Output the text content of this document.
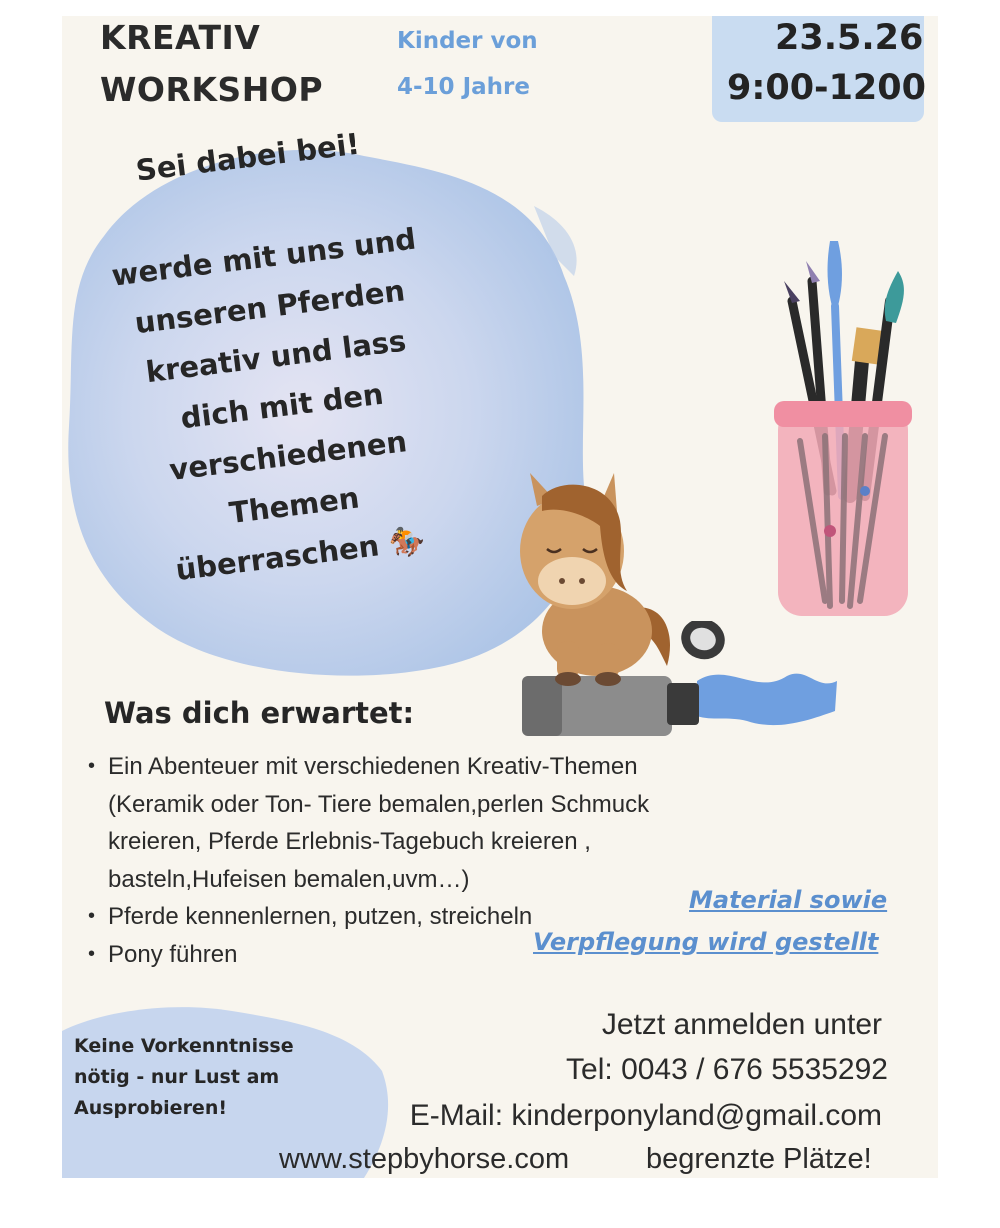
KREATIV
WORKSHOP
Kinder von
4-10 Jahre
23.5.26
9:00-1200
Sei dabei bei!
werde mit uns und
unseren Pferden
kreativ und lass
dich mit den
verschiedenen
Themen
überraschen 🏇
Was dich erwartet:
• Ein Abenteuer mit verschiedenen Kreativ-Themen (Keramik oder Ton- Tiere bemalen,perlen Schmuck kreieren, Pferde Erlebnis-Tagebuch kreieren , basteln,Hufeisen bemalen,uvm…)
• Pferde kennenlernen, putzen, streicheln
• Pony führen
Material sowie
Verpflegung wird gestellt
Jetzt anmelden unter
Tel: 0043 / 676 5535292
E-Mail: kinderponyland@gmail.com
www.stepbyhorse.com	begrenzte Plätze!
Keine Vorkenntnisse
nötig - nur Lust am
Ausprobieren!
